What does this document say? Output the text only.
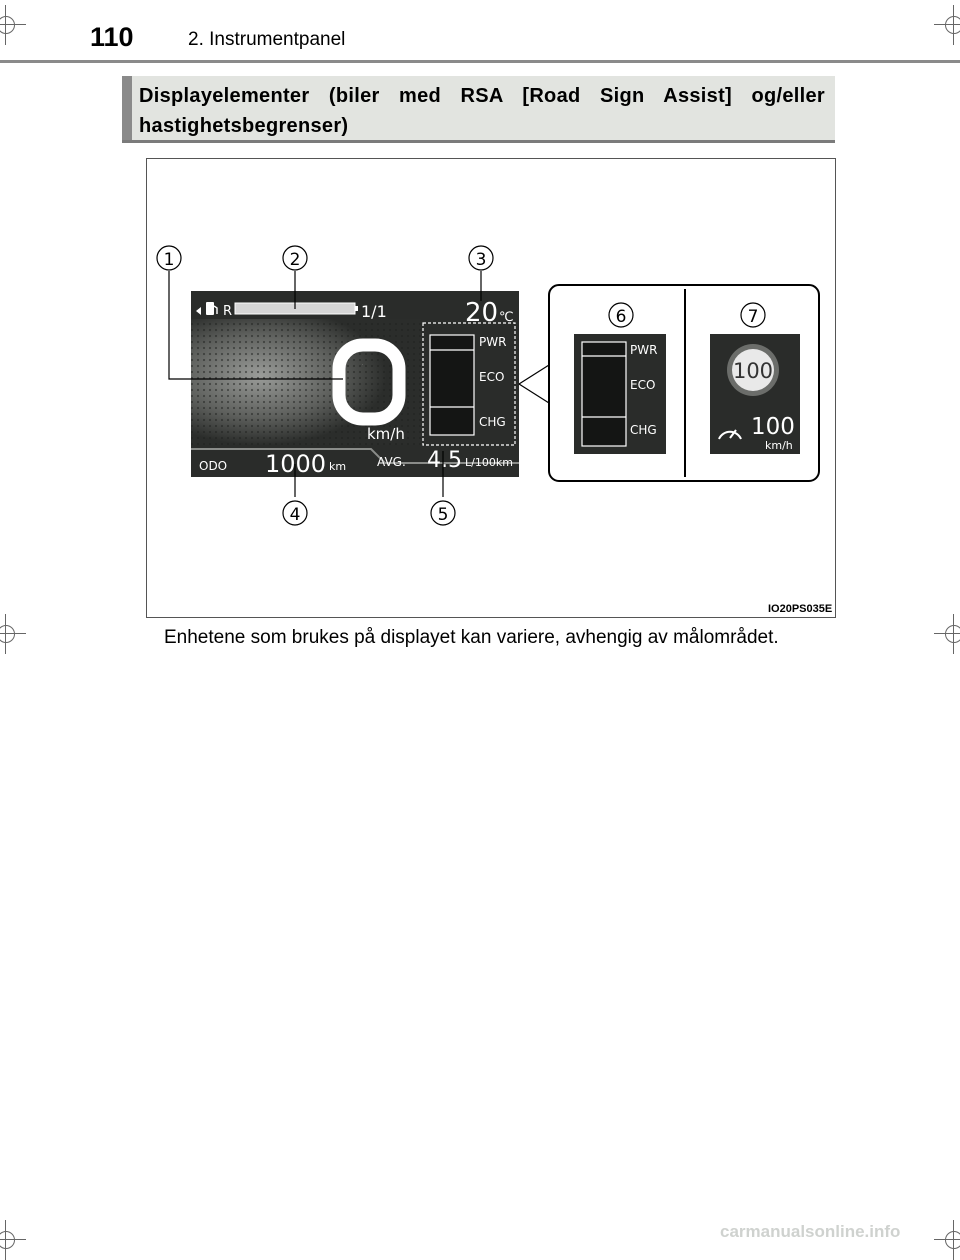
110	2. Instrumentpanel
Displayelementer (biler med RSA [Road Sign Assist] og/eller hastighetsbegrenser)
R	1/1	20 ℃
0
km/h
PWR
ECO
CHG
ODO 1000 km	AVG. 4.5 L/100km
1	2	3
4	5
6
PWR
ECO
CHG
7
100
100
km/h
IO20PS035E
Enhetene som brukes på displayet kan variere, avhengig av målområdet.
carmanualsonline.info
